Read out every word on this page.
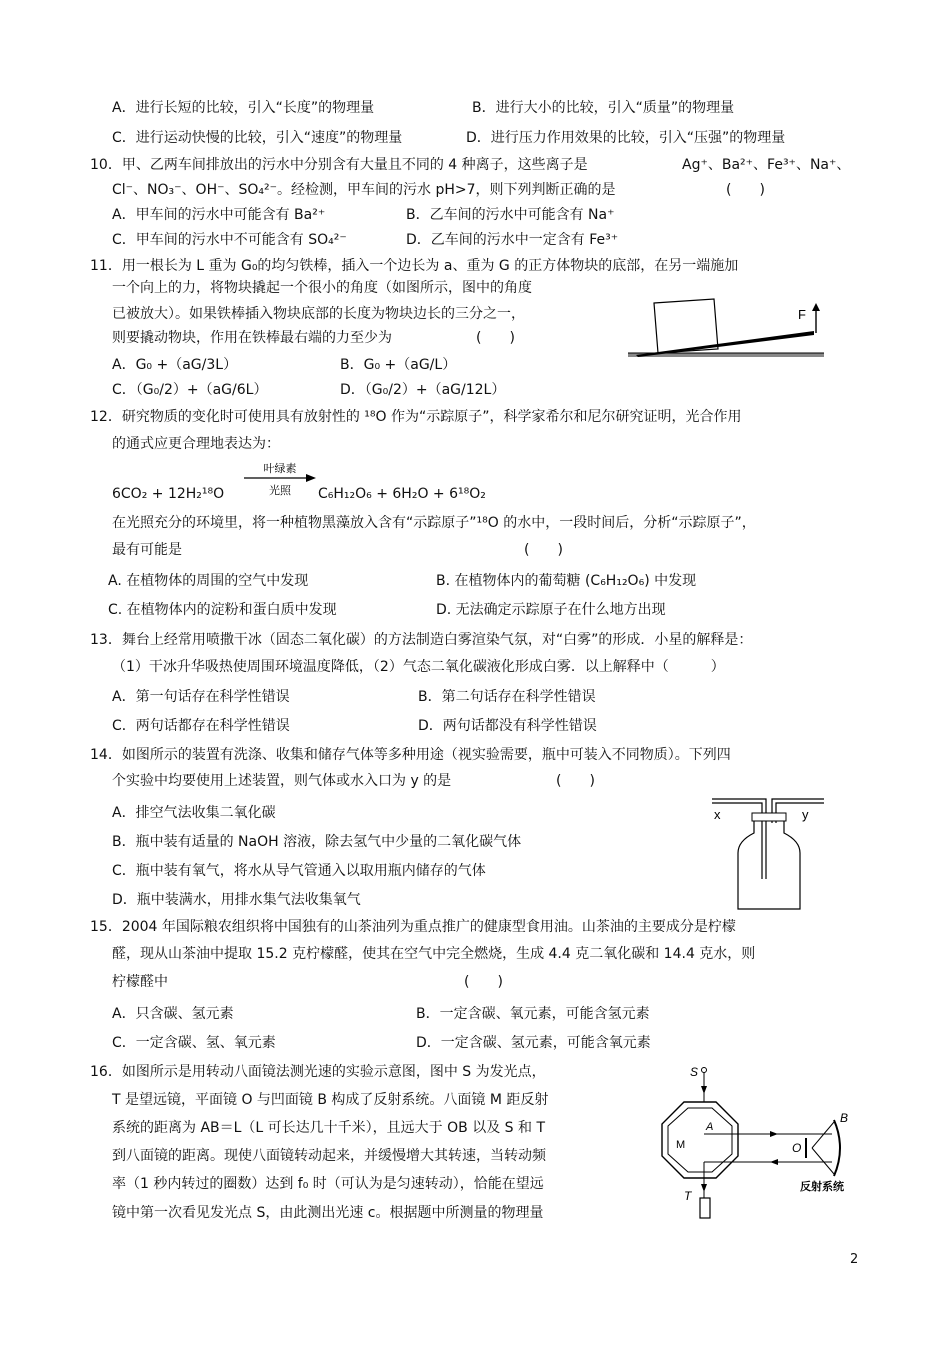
A．进行长短的比较，引入“长度”的物理量	B．进行大小的比较，引入“质量”的物理量
C．进行运动快慢的比较，引入“速度”的物理量	D．进行压力作用效果的比较，引入“压强”的物理量
10．甲、乙两车间排放出的污水中分别含有大量且不同的 4 种离子，这些离子是	Ag⁺、Ba²⁺、Fe³⁺、Na⁺、
Cl⁻、NO₃⁻、OH⁻、SO₄²⁻。经检测，甲车间的污水 pH>7，则下列判断正确的是	(　　)
A．甲车间的污水中可能含有 Ba²⁺	B．乙车间的污水中可能含有 Na⁺
C．甲车间的污水中不可能含有 SO₄²⁻	D．乙车间的污水中一定含有 Fe³⁺
11．用一根长为 L 重为 G₀的均匀铁棒，插入一个边长为 a、重为 G 的正方体物块的底部，在另一端施加
一个向上的力，将物块撬起一个很小的角度（如图所示，图中的角度
已被放大）。如果铁棒插入物块底部的长度为物块边长的三分之一，
则要撬动物块，作用在铁棒最右端的力至少为	(　　)
A．G₀ +（aG/3L）	B．G₀ +（aG/L）
C．（G₀/2）+（aG/6L）	D．（G₀/2）+（aG/12L）
F
12．研究物质的变化时可使用具有放射性的 ¹⁸O 作为“示踪原子”，科学家希尔和尼尔研究证明，光合作用
的通式应更合理地表达为：
6CO₂ + 12H₂¹⁸O
叶绿素
光照 C₆H₁₂O₆ + 6H₂O + 6¹⁸O₂
在光照充分的环境里，将一种植物黑藻放入含有“示踪原子”¹⁸O 的水中，一段时间后，分析“示踪原子”，
最有可能是	(　　)
A. 在植物体的周围的空气中发现	B. 在植物体内的葡萄糖 (C₆H₁₂O₆) 中发现
C. 在植物体内的淀粉和蛋白质中发现	D. 无法确定示踪原子在什么地方出现
13．舞台上经常用喷撒干冰（固态二氧化碳）的方法制造白雾渲染气氛，对“白雾”的形成．小星的解释是：
（1）干冰升华吸热使周围环境温度降低，（2）气态二氧化碳液化形成白雾．以上解释中（　　　）
A．第一句话存在科学性错误	B．第二句话存在科学性错误
C．两句话都存在科学性错误	D．两句话都没有科学性错误
14．如图所示的装置有洗涤、收集和储存气体等多种用途（视实验需要，瓶中可装入不同物质）。下列四
个实验中均要使用上述装置，则气体或水入口为 y 的是	(　　)
A．排空气法收集二氧化碳
B．瓶中装有适量的 NaOH 溶液，除去氢气中少量的二氧化碳气体
C．瓶中装有氧气，将水从导气管通入以取用瓶内储存的气体
D．瓶中装满水，用排水集气法收集氧气
x	y
15．2004 年国际粮农组织将中国独有的山茶油列为重点推广的健康型食用油。山茶油的主要成分是柠檬
醛，现从山茶油中提取 15.2 克柠檬醛，使其在空气中完全燃烧，生成 4.4 克二氧化碳和 14.4 克水，则
柠檬醛中	(　　)
A．只含碳、氢元素	B．一定含碳、氧元素，可能含氢元素
C．一定含碳、氢、氧元素	D．一定含碳、氢元素，可能含氧元素
16．如图所示是用转动八面镜法测光速的实验示意图，图中 S 为发光点，
T 是望远镜，平面镜 O 与凹面镜 B 构成了反射系统。八面镜 M 距反射
系统的距离为 AB＝L（L 可长达几十千米），且远大于 OB 以及 S 和 T
到八面镜的距离。现使八面镜转动起来，并缓慢增大其转速，当转动频
率（1 秒内转过的圈数）达到 f₀ 时（可认为是匀速转动），恰能在望远
镜中第一次看见发光点 S，由此测出光速 c。根据题中所测量的物理量
S
A
M	O
B
T
反射系统
2
